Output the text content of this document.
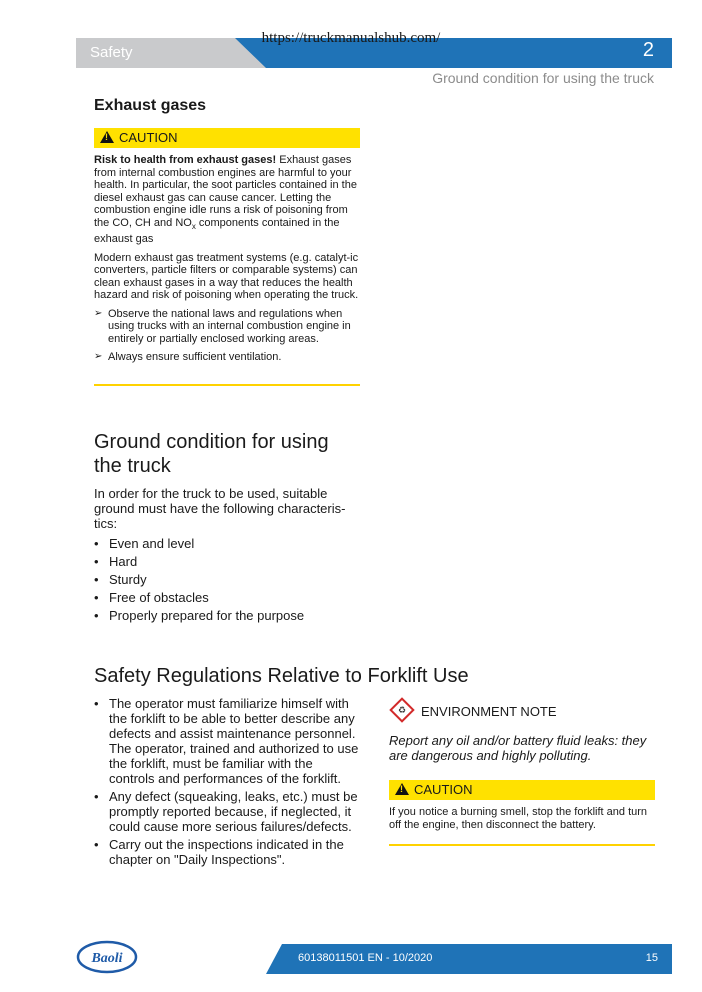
Safety	2
https://truckmanualshub.com/
Ground condition for using the truck
Exhaust gases
!CAUTION

Risk to health from exhaust gases! Exhaust gases from internal combustion engines are harmful to your health. In particular, the soot particles contained in the diesel exhaust gas can cause cancer. Letting the combustion engine idle runs a risk of poisoning from the CO, CH and $NO_x$ components contained in the exhaust gas

Modern exhaust gas treatment systems (e.g. catalyt-ic converters, particle filters or comparable systems) can clean exhaust gases in a way that reduces the health hazard and risk of poisoning when operating the truck.

➢ Observe the national laws and regulations when using trucks with an internal combustion engine in entirely or partially enclosed working areas.
➢ Always ensure sufficient ventilation.
Ground condition for using
the truck
In order for the truck to be used, suitable ground must have the following characteris-tics:
• Even and level
• Hard
• Sturdy
• Free of obstacles
• Properly prepared for the purpose
Safety Regulations Relative to Forklift Use
• The operator must familiarize himself with the forklift to be able to better describe any defects and assist maintenance personnel. The operator, trained and authorized to use the forklift, must be familiar with the controls and performances of the forklift.
• Any defect (squeaking, leaks, etc.) must be promptly reported because, if neglected, it could cause more serious failures/defects.
• Carry out the inspections indicated in the chapter on "Daily Inspections".
♻ ENVIRONMENT NOTE
Report any oil and/or battery fluid leaks: they are dangerous and highly polluting.
!CAUTION
If you notice a burning smell, stop the forklift and turn off the engine, then disconnect the battery.
Baoli	60138011501 EN - 10/2020	15
